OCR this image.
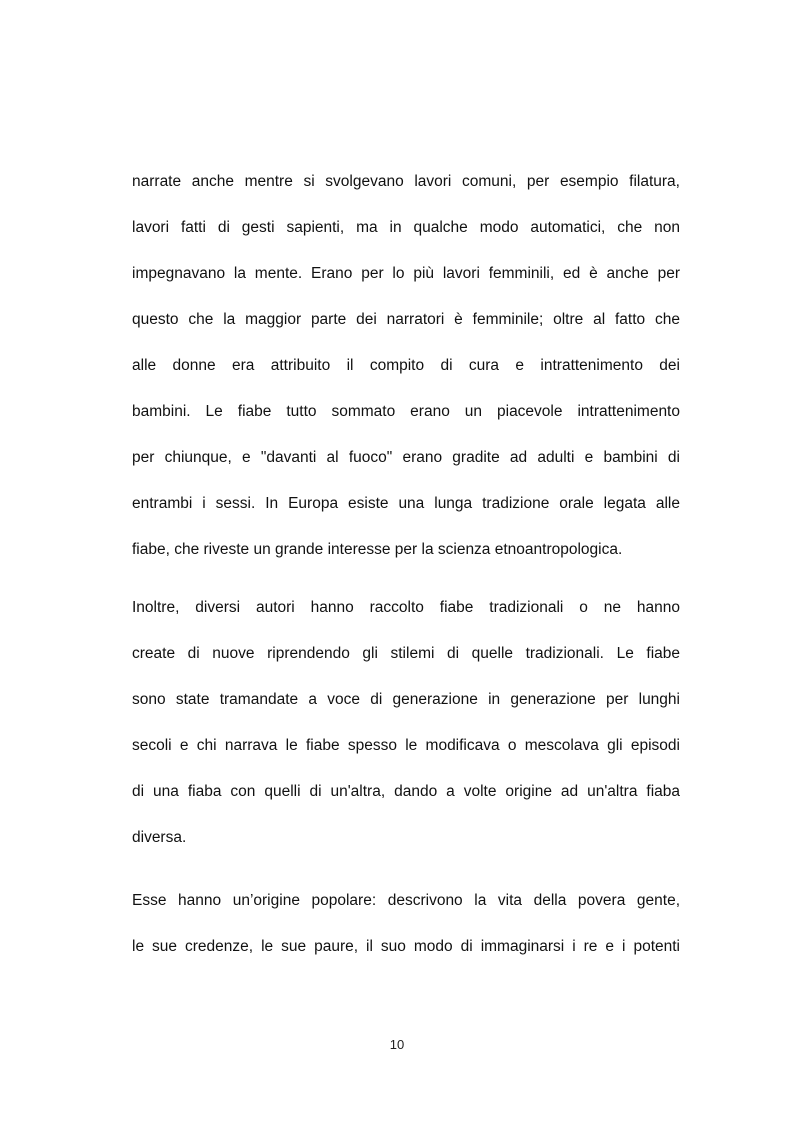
narrate anche mentre si svolgevano lavori comuni, per esempio filatura,
lavori fatti di gesti sapienti, ma in qualche modo automatici, che non
impegnavano la mente. Erano per lo più lavori femminili, ed è anche per
questo che la maggior parte dei narratori è femminile; oltre al fatto che
alle donne era attribuito il compito di cura e intrattenimento dei
bambini. Le fiabe tutto sommato erano un piacevole intrattenimento
per chiunque, e "davanti al fuoco" erano gradite ad adulti e bambini di
entrambi i sessi. In Europa esiste una lunga tradizione orale legata alle
fiabe, che riveste un grande interesse per la scienza etnoantropologica.
Inoltre, diversi autori hanno raccolto fiabe tradizionali o ne hanno
create di nuove riprendendo gli stilemi di quelle tradizionali. Le fiabe
sono state tramandate a voce di generazione in generazione per lunghi
secoli e chi narrava le fiabe spesso le modificava o mescolava gli episodi
di una fiaba con quelli di un'altra, dando a volte origine ad un'altra fiaba
diversa.
Esse hanno un’origine popolare: descrivono la vita della povera gente,
le sue credenze, le sue paure, il suo modo di immaginarsi i re e i potenti
10
